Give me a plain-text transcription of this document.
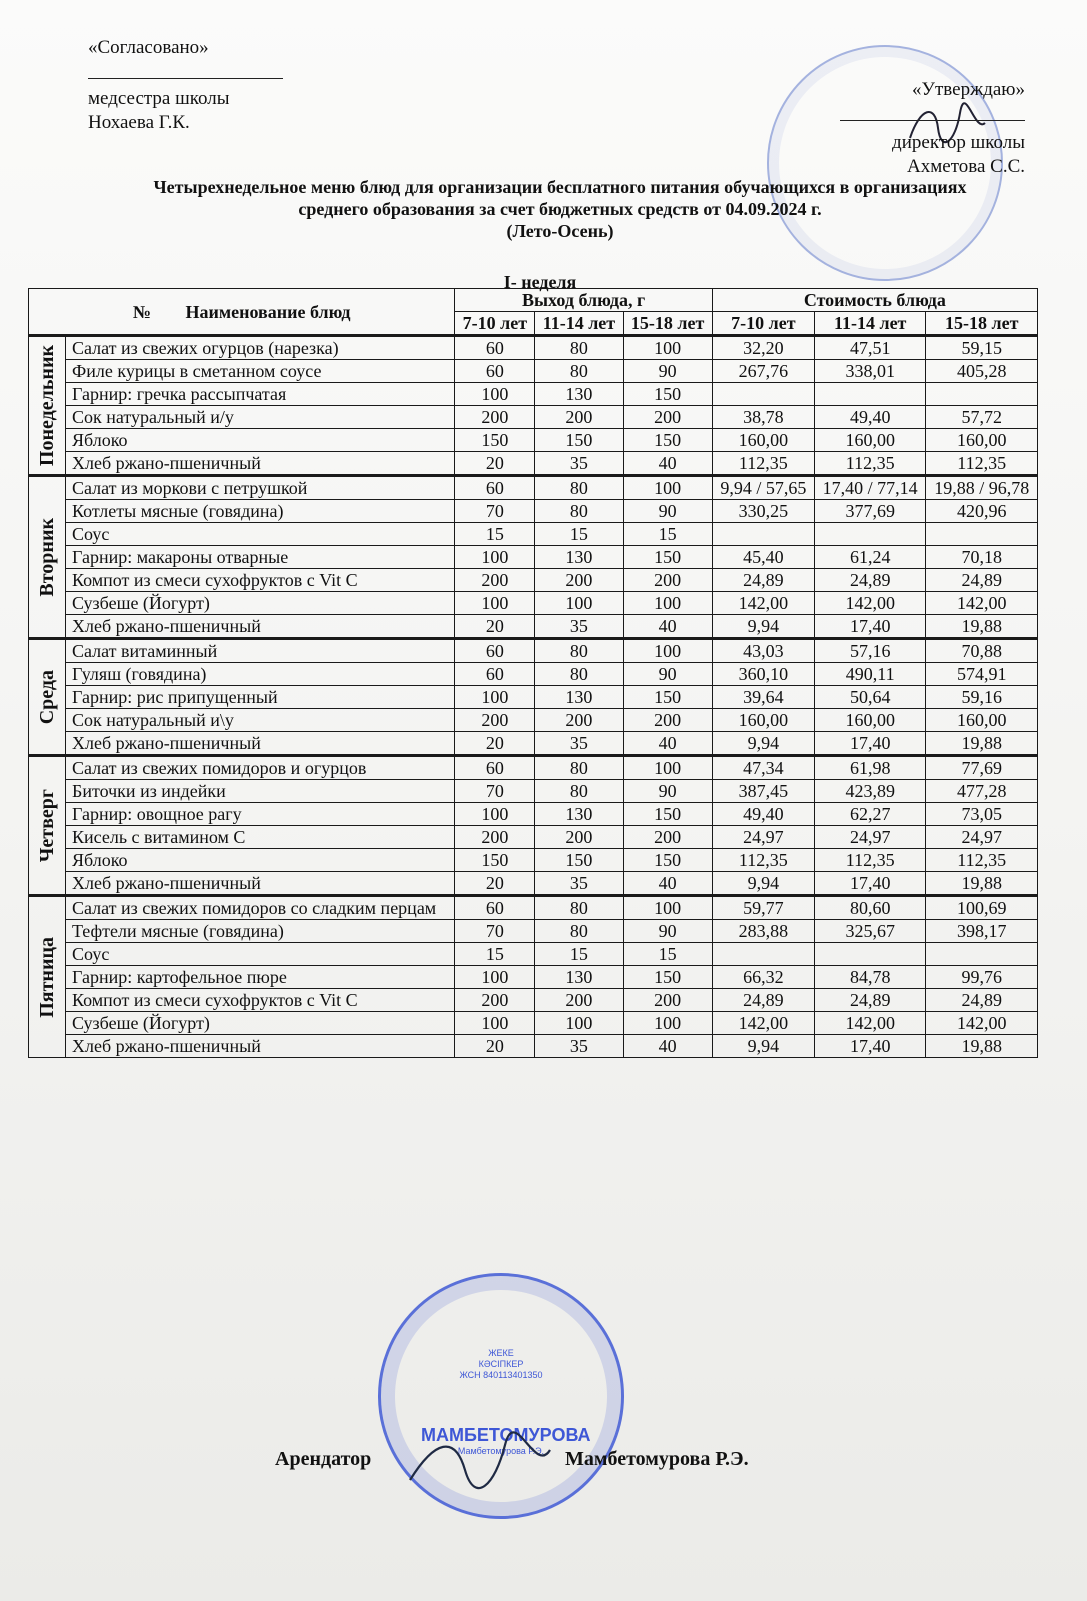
«Согласовано»
медсестра школы
Нохаева Г.К.
«Утверждаю»
директор школы
Ахметова С.С.
Четырехнедельное меню блюд для организации бесплатного питания обучающихся в организациях среднего образования за счет бюджетных средств от 04.09.2024 г.
(Лето-Осень)
I- неделя
№ Наименование блюд		Выход блюда, г			Стоимость блюда		
		7-10 лет	11-14 лет	15-18 лет	7-10 лет	11-14 лет	15-18 лет

Понедельник	Салат из свежих огурцов (нарезка)	60	80	100	32,20	47,51	59,15
	Филе курицы в сметанном соусе	60	80	90	267,76	338,01	405,28
	Гарнир: гречка рассыпчатая	100	130	150			
	Сок натуральный и/у	200	200	200	38,78	49,40	57,72
	Яблоко	150	150	150	160,00	160,00	160,00
	Хлеб ржано-пшеничный	20	35	40	112,35	112,35	112,35

Вторник	Салат из моркови с петрушкой	60	80	100	9,94 / 57,65	17,40 / 77,14	19,88 / 96,78
	Котлеты мясные (говядина)	70	80	90	330,25	377,69	420,96
	Соус	15	15	15			
	Гарнир: макароны отварные	100	130	150	45,40	61,24	70,18
	Компот из смеси сухофруктов с Vit C	200	200	200	24,89	24,89	24,89
	Сузбеше (Йогурт)	100	100	100	142,00	142,00	142,00
	Хлеб ржано-пшеничный	20	35	40	9,94	17,40	19,88

Среда	Салат витаминный	60	80	100	43,03	57,16	70,88
	Гуляш (говядина)	60	80	90	360,10	490,11	574,91
	Гарнир: рис припущенный	100	130	150	39,64	50,64	59,16
	Сок натуральный и\у	200	200	200	160,00	160,00	160,00
	Хлеб ржано-пшеничный	20	35	40	9,94	17,40	19,88

Четверг	Салат из свежих помидоров и огурцов	60	80	100	47,34	61,98	77,69
	Биточки из индейки	70	80	90	387,45	423,89	477,28
	Гарнир: овощное рагу	100	130	150	49,40	62,27	73,05
	Кисель с витамином С	200	200	200	24,97	24,97	24,97
	Яблоко	150	150	150	112,35	112,35	112,35
	Хлеб ржано-пшеничный	20	35	40	9,94	17,40	19,88

Пятница	Салат из свежих помидоров со сладким перцам	60	80	100	59,77	80,60	100,69
	Тефтели мясные (говядина)	70	80	90	283,88	325,67	398,17
	Соус	15	15	15			
	Гарнир: картофельное пюре	100	130	150	66,32	84,78	99,76
	Компот из смеси сухофруктов с Vit C	200	200	200	24,89	24,89	24,89
	Сузбеше (Йогурт)	100	100	100	142,00	142,00	142,00
	Хлеб ржано-пшеничный	20	35	40	9,94	17,40	19,88
ЖЕКЕ
КӘСІПКЕР
ЖСН 840113401350
МАМБЕТОМУРОВА
Мамбетомурова Р.Э.
Арендатор	Мамбетомурова Р.Э.
